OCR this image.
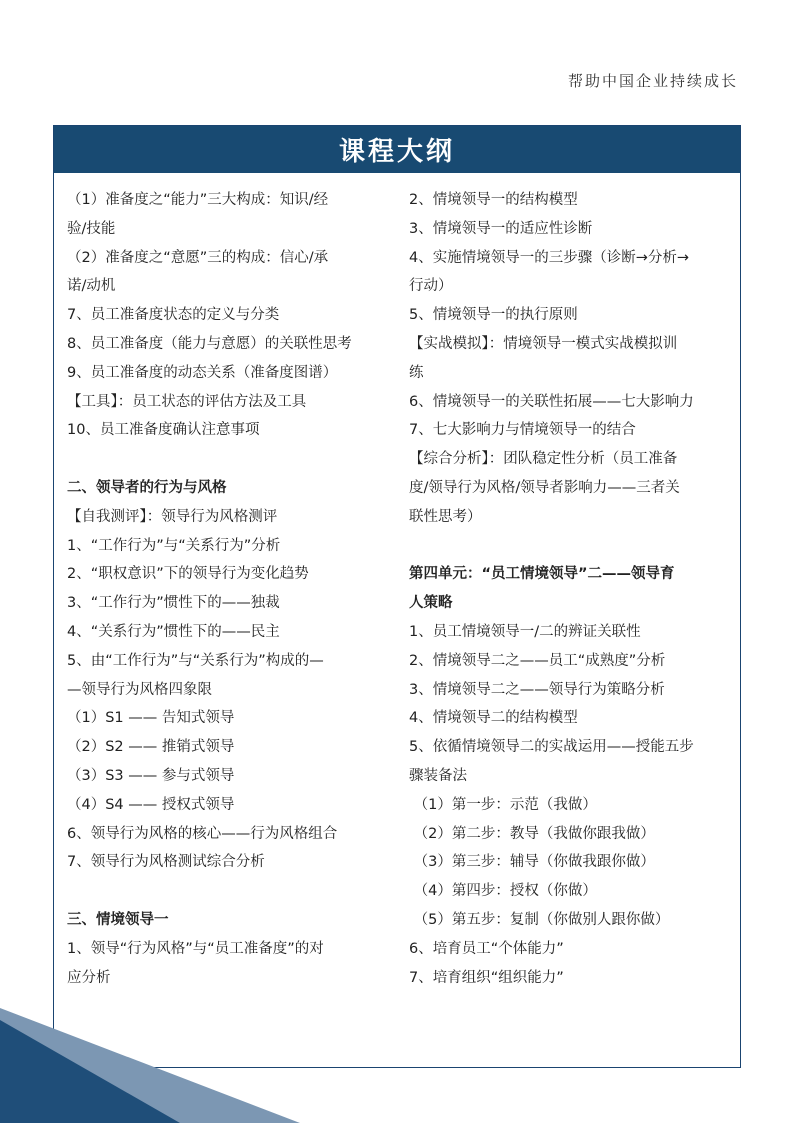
帮助中国企业持续成长
课程大纲
（1）准备度之“能力”三大构成：知识/经
验/技能
（2）准备度之“意愿”三的构成：信心/承
诺/动机
7、员工准备度状态的定义与分类
8、员工准备度（能力与意愿）的关联性思考
9、员工准备度的动态关系（准备度图谱）
【工具】：员工状态的评估方法及工具
10、员工准备度确认注意事项
二、领导者的行为与风格
【自我测评】：领导行为风格测评
1、“工作行为”与“关系行为”分析
2、“职权意识”下的领导行为变化趋势
3、“工作行为”惯性下的——独裁
4、“关系行为”惯性下的——民主
5、由“工作行为”与“关系行为”构成的—
—领导行为风格四象限
（1）S1 —— 告知式领导
（2）S2 —— 推销式领导
（3）S3 —— 参与式领导
（4）S4 —— 授权式领导
6、领导行为风格的核心——行为风格组合
7、领导行为风格测试综合分析
三、情境领导一
1、领导“行为风格”与“员工准备度”的对
应分析
2、情境领导一的结构模型
3、情境领导一的适应性诊断
4、实施情境领导一的三步骤（诊断→分析→
行动）
5、情境领导一的执行原则
【实战模拟】：情境领导一模式实战模拟训
练
6、情境领导一的关联性拓展——七大影响力
7、七大影响力与情境领导一的结合
【综合分析】：团队稳定性分析（员工准备
度/领导行为风格/领导者影响力——三者关
联性思考）
第四单元：“员工情境领导”二——领导育
人策略
1、员工情境领导一/二的辨证关联性
2、情境领导二之——员工“成熟度”分析
3、情境领导二之——领导行为策略分析
4、情境领导二的结构模型
5、依循情境领导二的实战运用——授能五步
骤装备法
（1）第一步：示范（我做）
（2）第二步：教导（我做你跟我做）
（3）第三步：辅导（你做我跟你做）
（4）第四步：授权（你做）
（5）第五步：复制（你做别人跟你做）
6、培育员工“个体能力”
7、培育组织“组织能力”
